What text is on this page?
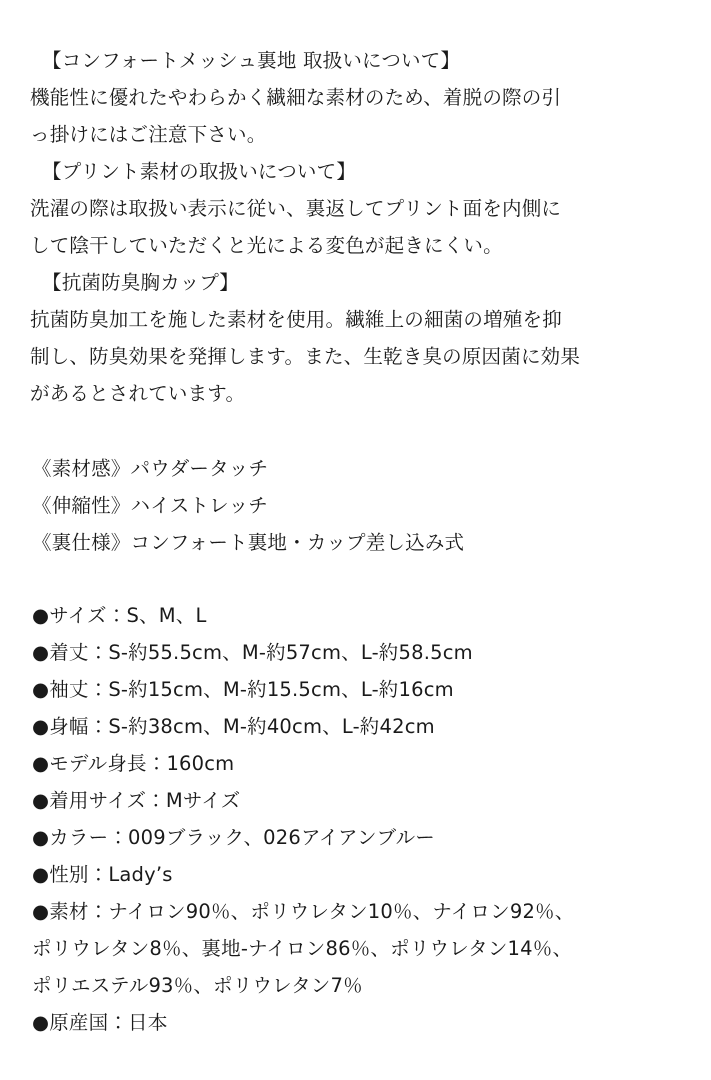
【コンフォートメッシュ裏地 取扱いについて】
機能性に優れたやわらかく繊細な素材のため、着脱の際の引
っ掛けにはご注意下さい。
【プリント素材の取扱いについて】
洗濯の際は取扱い表示に従い、裏返してプリント面を内側に
して陰干していただくと光による変色が起きにくい。
【抗菌防臭胸カップ】
抗菌防臭加工を施した素材を使用。繊維上の細菌の増殖を抑
制し、防臭効果を発揮します。また、生乾き臭の原因菌に効果
があるとされています。
《素材感》パウダータッチ
《伸縮性》ハイストレッチ
《裏仕様》コンフォート裏地・カップ差し込み式
●サイズ：S、M、L
●着丈：S-約55.5cm、M-約57cm、L-約58.5cm
●袖丈：S-約15cm、M-約15.5cm、L-約16cm
●身幅：S-約38cm、M-約40cm、L-約42cm
●モデル身長：160cm
●着用サイズ：Mサイズ
●カラー：009ブラック、026アイアンブルー
●性別：Lady’s
●素材：ナイロン90％、ポリウレタン10％、ナイロン92％、
ポリウレタン8％、裏地-ナイロン86％、ポリウレタン14％、
ポリエステル93％、ポリウレタン7％
●原産国：日本
